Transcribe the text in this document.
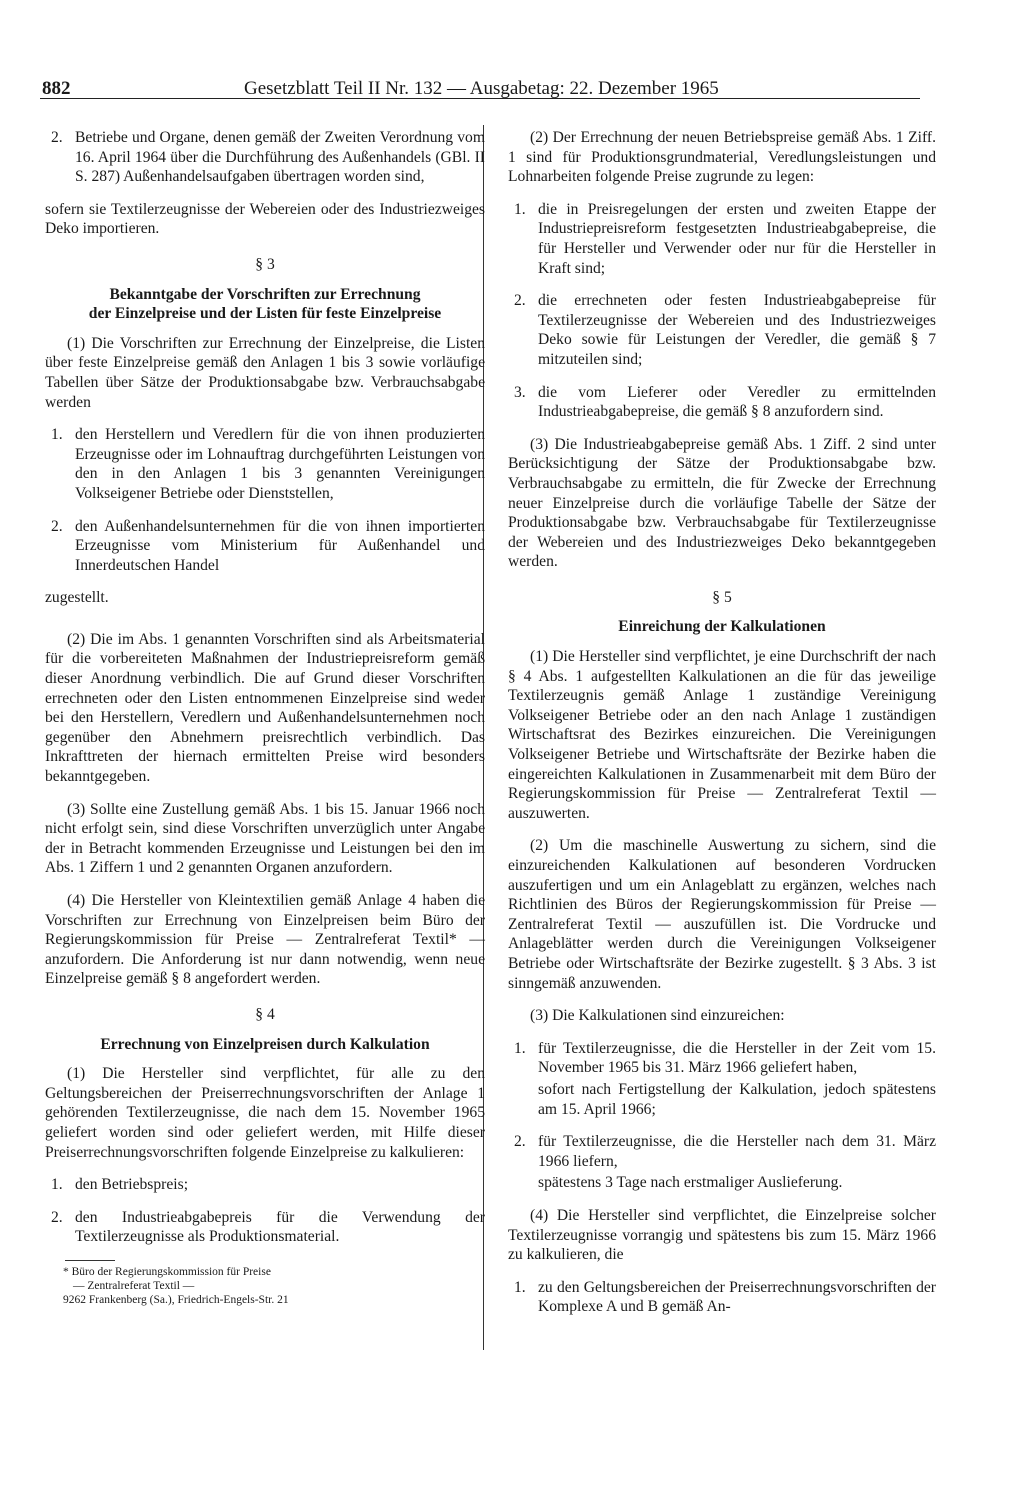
882	Gesetzblatt Teil II Nr. 132 — Ausgabetag: 22. Dezember 1965
2. Betriebe und Organe, denen gemäß der Zweiten Verordnung vom 16. April 1964 über die Durchführung des Außenhandels (GBl. II S. 287) Außenhandelsaufgaben übertragen worden sind,

sofern sie Textilerzeugnisse der Webereien oder des Industriezweiges Deko importieren.

§ 3
Bekanntgabe der Vorschriften zur Errechnung
der Einzelpreise und der Listen für feste Einzelpreise

(1) Die Vorschriften zur Errechnung der Einzelpreise, die Listen über feste Einzelpreise gemäß den Anlagen 1 bis 3 sowie vorläufige Tabellen über Sätze der Produktionsabgabe bzw. Verbrauchsabgabe werden

1. den Herstellern und Veredlern für die von ihnen produzierten Erzeugnisse oder im Lohnauftrag durchgeführten Leistungen von den in den Anlagen 1 bis 3 genannten Vereinigungen Volkseigener Betriebe oder Dienststellen,

2. den Außenhandelsunternehmen für die von ihnen importierten Erzeugnisse vom Ministerium für Außenhandel und Innerdeutschen Handel

zugestellt.

(2) Die im Abs. 1 genannten Vorschriften sind als Arbeitsmaterial für die vorbereiteten Maßnahmen der Industriepreisreform gemäß dieser Anordnung verbindlich. Die auf Grund dieser Vorschriften errechneten oder den Listen entnommenen Einzelpreise sind weder bei den Herstellern, Veredlern und Außenhandelsunternehmen noch gegenüber den Abnehmern preisrechtlich verbindlich. Das Inkrafttreten der hiernach ermittelten Preise wird besonders bekanntgegeben.

(3) Sollte eine Zustellung gemäß Abs. 1 bis 15. Januar 1966 noch nicht erfolgt sein, sind diese Vorschriften unverzüglich unter Angabe der in Betracht kommenden Erzeugnisse und Leistungen bei den im Abs. 1 Ziffern 1 und 2 genannten Organen anzufordern.

(4) Die Hersteller von Kleintextilien gemäß Anlage 4 haben die Vorschriften zur Errechnung von Einzelpreisen beim Büro der Regierungskommission für Preise — Zentralreferat Textil* — anzufordern. Die Anforderung ist nur dann notwendig, wenn neue Einzelpreise gemäß § 8 angefordert werden.

§ 4
Errechnung von Einzelpreisen durch Kalkulation

(1) Die Hersteller sind verpflichtet, für alle zu den Geltungsbereichen der Preiserrechnungsvorschriften der Anlage 1 gehörenden Textilerzeugnisse, die nach dem 15. November 1965 geliefert worden sind oder geliefert werden, mit Hilfe dieser Preiserrechnungsvorschriften folgende Einzelpreise zu kalkulieren:

1. den Betriebspreis;

2. den Industrieabgabepreis für die Verwendung der Textilerzeugnisse als Produktionsmaterial.

* Büro der Regierungskommission für Preise
— Zentralreferat Textil —
9262 Frankenberg (Sa.), Friedrich-Engels-Str. 21

(2) Der Errechnung der neuen Betriebspreise gemäß Abs. 1 Ziff. 1 sind für Produktionsgrundmaterial, Veredlungsleistungen und Lohnarbeiten folgende Preise zugrunde zu legen:

1. die in Preisregelungen der ersten und zweiten Etappe der Industriepreisreform festgesetzten Industrieabgabepreise, die für Hersteller und Verwender oder nur für die Hersteller in Kraft sind;

2. die errechneten oder festen Industrieabgabepreise für Textilerzeugnisse der Webereien und des Industriezweiges Deko sowie für Leistungen der Veredler, die gemäß § 7 mitzuteilen sind;

3. die vom Lieferer oder Veredler zu ermittelnden Industrieabgabepreise, die gemäß § 8 anzufordern sind.

(3) Die Industrieabgabepreise gemäß Abs. 1 Ziff. 2 sind unter Berücksichtigung der Sätze der Produktionsabgabe bzw. Verbrauchsabgabe zu ermitteln, die für Zwecke der Errechnung neuer Einzelpreise durch die vorläufige Tabelle der Sätze der Produktionsabgabe bzw. Verbrauchsabgabe für Textilerzeugnisse der Webereien und des Industriezweiges Deko bekanntgegeben werden.

§ 5
Einreichung der Kalkulationen

(1) Die Hersteller sind verpflichtet, je eine Durchschrift der nach § 4 Abs. 1 aufgestellten Kalkulationen an die für das jeweilige Textilerzeugnis gemäß Anlage 1 zuständige Vereinigung Volkseigener Betriebe oder an den nach Anlage 1 zuständigen Wirtschaftsrat des Bezirkes einzureichen. Die Vereinigungen Volkseigener Betriebe und Wirtschaftsräte der Bezirke haben die eingereichten Kalkulationen in Zusammenarbeit mit dem Büro der Regierungskommission für Preise — Zentralreferat Textil — auszuwerten.

(2) Um die maschinelle Auswertung zu sichern, sind die einzureichenden Kalkulationen auf besonderen Vordrucken auszufertigen und um ein Anlageblatt zu ergänzen, welches nach Richtlinien des Büros der Regierungskommission für Preise — Zentralreferat Textil — auszufüllen ist. Die Vordrucke und Anlageblätter werden durch die Vereinigungen Volkseigener Betriebe oder Wirtschaftsräte der Bezirke zugestellt. § 3 Abs. 3 ist sinngemäß anzuwenden.

(3) Die Kalkulationen sind einzureichen:

1. für Textilerzeugnisse, die die Hersteller in der Zeit vom 15. November 1965 bis 31. März 1966 geliefert haben,

sofort nach Fertigstellung der Kalkulation, jedoch spätestens am 15. April 1966;

2. für Textilerzeugnisse, die die Hersteller nach dem 31. März 1966 liefern,

spätestens 3 Tage nach erstmaliger Auslieferung.

(4) Die Hersteller sind verpflichtet, die Einzelpreise solcher Textilerzeugnisse vorrangig und spätestens bis zum 15. März 1966 zu kalkulieren, die

1. zu den Geltungsbereichen der Preiserrechnungsvorschriften der Komplexe A und B gemäß An-
